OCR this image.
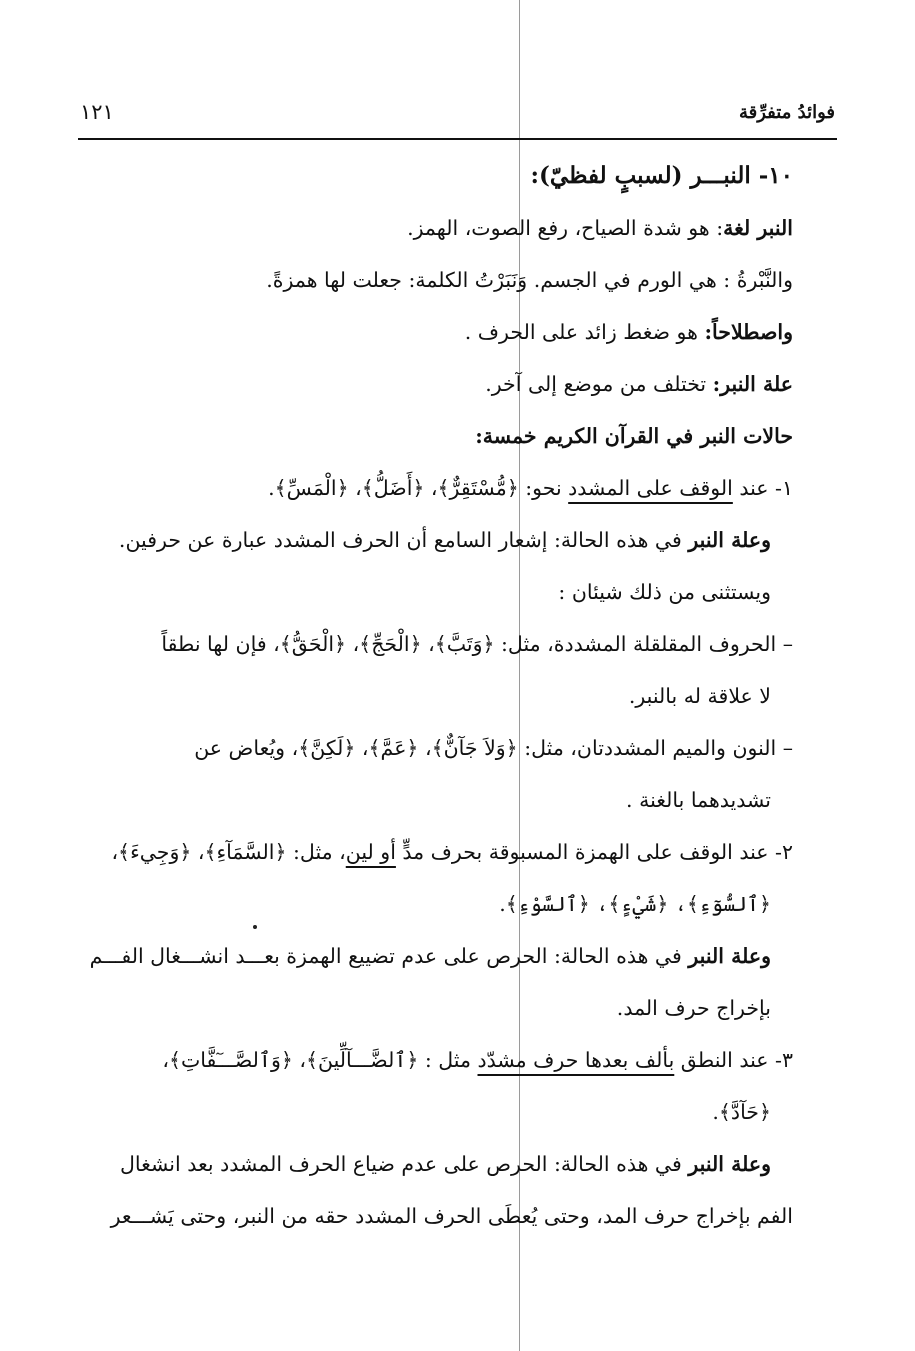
فوائدُ متفرِّقة
١٢١
١٠- النبـــر (لسببٍ لفظيّ):
النبر لغة: هو شدة الصياح، رفع الصوت، الهمز.
والنَّبْرةُ : هي الورم في الجسم. وَنَبَرْتُ الكلمة: جعلت لها همزةً.
واصطلاحاً: هو ضغط زائد على الحرف .
علة النبر: تختلف من موضع إلى آخر.
حالات النبر في القرآن الكريم خمسة:
١- عند الوقف على المشدد نحو: ﴿مُّسْتَقِرٌّ﴾، ﴿أَضَلُّ﴾، ﴿الْمَسِّ﴾.
وعلة النبر في هذه الحالة: إشعار السامع أن الحرف المشدد عبارة عن حرفين.
ويستثنى من ذلك شيئان :
– الحروف المقلقلة المشددة، مثل: ﴿وَتَبَّ﴾، ﴿الْحَجِّ﴾، ﴿الْحَقُّ﴾، فإن لها نطقاً
لا علاقة له بالنبر.
– النون والميم المشددتان، مثل: ﴿وَلاَ جَآنٌّ﴾، ﴿عَمَّ﴾، ﴿لَكِنَّ﴾، ويُعاض عن
تشديدهما بالغنة .
٢- عند الوقف على الهمزة المسبوقة بحرف مدٍّ أو لين، مثل: ﴿السَّمَآءِ﴾، ﴿وَجِيءَ﴾،
﴿ٱلسُّوٓءِ﴾، ﴿شَيْءٍ﴾، ﴿ٱلسَّوْءِ﴾.
وعلة النبر في هذه الحالة: الحرص على عدم تضييع الهمزة بعـــد انشـــغال الفـــم
بإخراج حرف المد.
٣- عند النطق بألف بعدها حرف مشدّد مثل : ﴿ٱلضَّـــآلِّينَ﴾، ﴿وَٱلصَّـــٓفَّاتِ﴾،
﴿حَآدَّ﴾.
وعلة النبر في هذه الحالة: الحرص على عدم ضياع الحرف المشدد بعد انشغال
الفم بإخراج حرف المد، وحتى يُعطَى الحرف المشدد حقه من النبر، وحتى يَشـــعر
